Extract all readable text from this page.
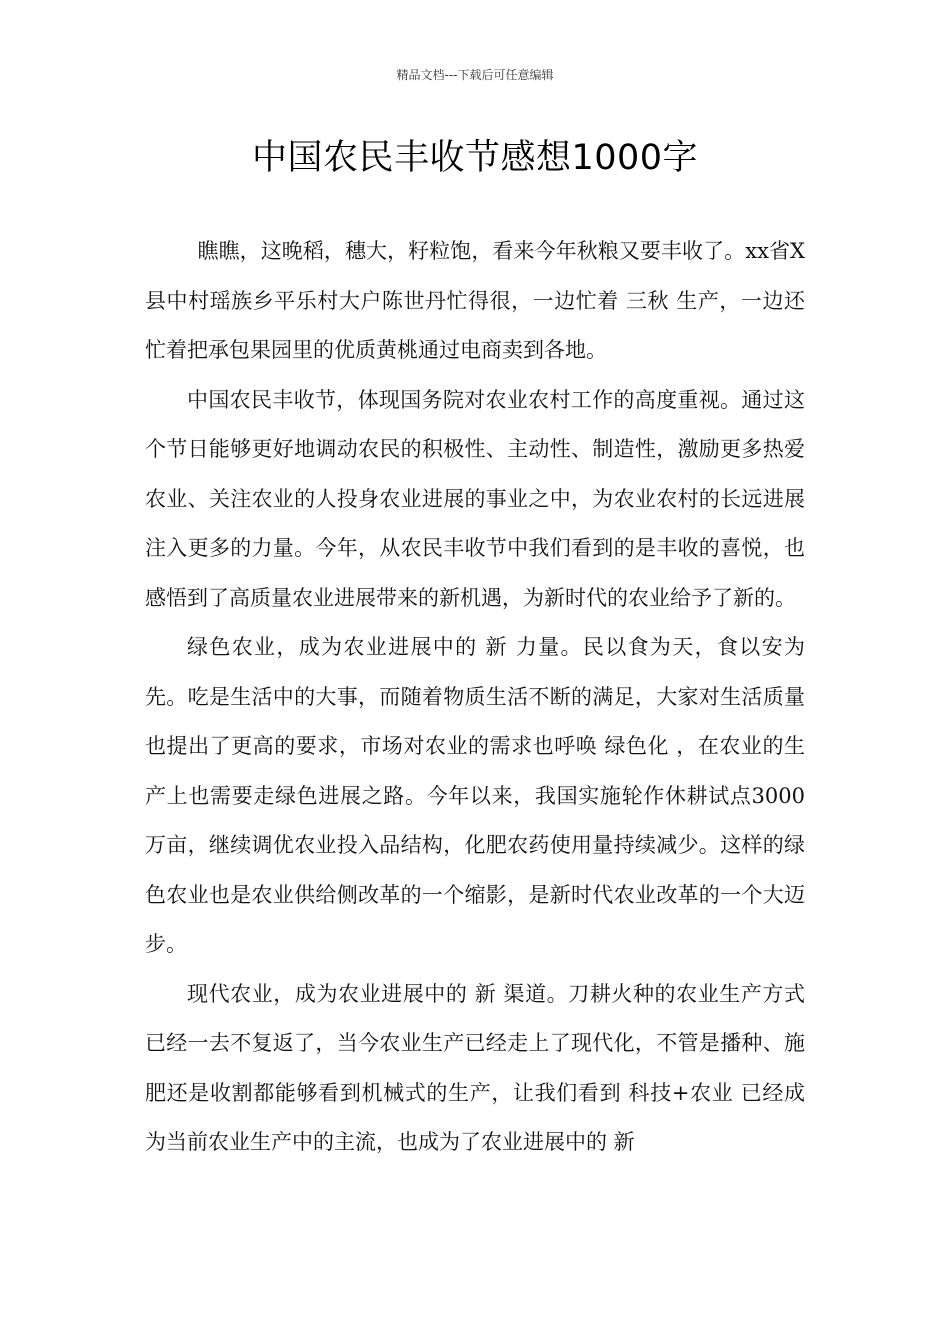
精品文档---下载后可任意编辑
中国农民丰收节感想1000字

瞧瞧，这晚稻，穗大，籽粒饱，看来今年秋粮又要丰收了。xx省X县中村瑶族乡平乐村大户陈世丹忙得很，一边忙着 三秋 生产，一边还忙着把承包果园里的优质黄桃通过电商卖到各地。

中国农民丰收节，体现国务院对农业农村工作的高度重视。通过这个节日能够更好地调动农民的积极性、主动性、制造性，激励更多热爱农业、关注农业的人投身农业进展的事业之中，为农业农村的长远进展注入更多的力量。今年，从农民丰收节中我们看到的是丰收的喜悦，也感悟到了高质量农业进展带来的新机遇，为新时代的农业给予了新的。

绿色农业，成为农业进展中的 新 力量。民以食为天，食以安为先。吃是生活中的大事，而随着物质生活不断的满足，大家对生活质量也提出了更高的要求，市场对农业的需求也呼唤 绿色化 ，在农业的生产上也需要走绿色进展之路。今年以来，我国实施轮作休耕试点3000万亩，继续调优农业投入品结构，化肥农药使用量持续减少。这样的绿色农业也是农业供给侧改革的一个缩影，是新时代农业改革的一个大迈步。

现代农业，成为农业进展中的 新 渠道。刀耕火种的农业生产方式已经一去不复返了，当今农业生产已经走上了现代化，不管是播种、施肥还是收割都能够看到机械式的生产，让我们看到 科技+农业 已经成为当前农业生产中的主流，也成为了农业进展中的 新
